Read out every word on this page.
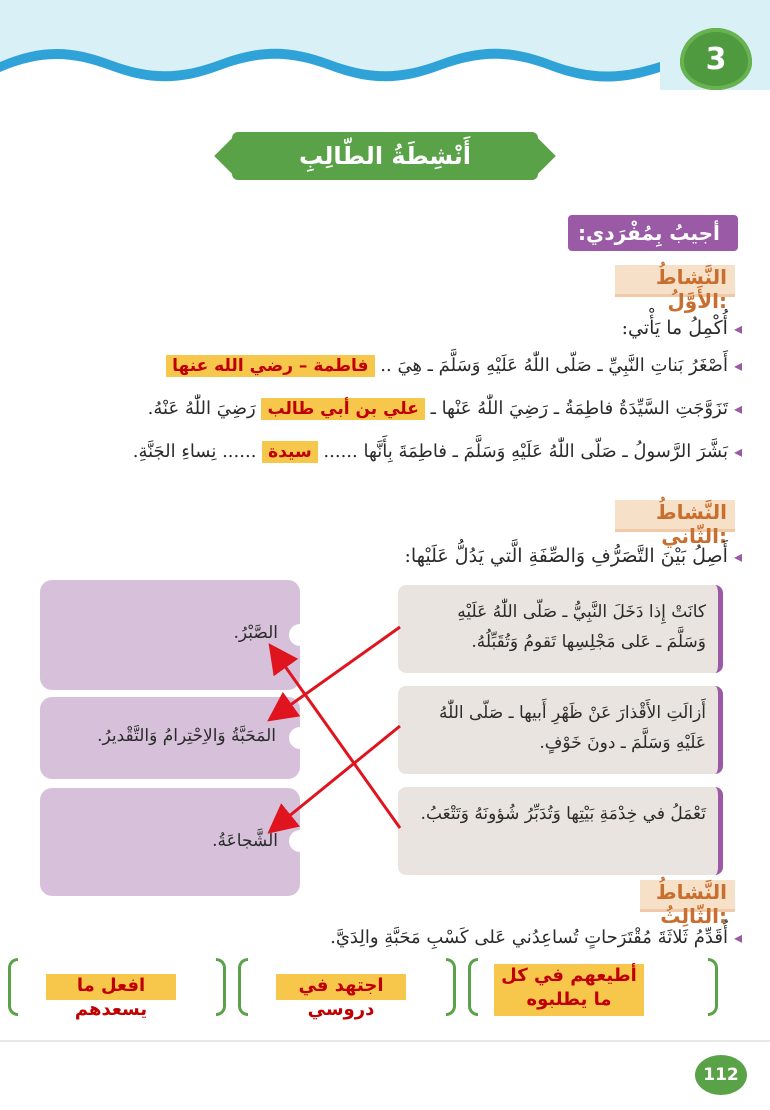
3
أَنْشِطَةُ الطّالِبِ
أجيبُ بِمُفْرَدي:
النَّشاطُ الأَوَّلُ:
◂أُكْمِلُ ما يَأْتي:
◂أَصْغَرُ بَناتِ النَّبِيِّ ـ صَلّى اللّٰهُ عَلَيْهِ وَسَلَّمَ ـ هِيَ .. فاطمة – رضي الله عنها
◂تَزَوَّجَتِ السَّيِّدَةُ فاطِمَةُ ـ رَضِيَ اللّٰهُ عَنْها ـ علي بن أبي طالب رَضِيَ اللّٰهُ عَنْهُ.
◂بَشَّرَ الرَّسولُ ـ صَلّى اللّٰهُ عَلَيْهِ وَسَلَّمَ ـ فاطِمَةَ بِأَنَّها ...... سيدة ...... نِساءِ الجَنَّةِ.
النَّشاطُ الثّاني:
◂أَصِلُ بَيْنَ التَّصَرُّفِ وَالصِّفَةِ الَّتي يَدُلُّ عَلَيْها:
الصَّبْرُ.
المَحَبَّةُ وَالاِحْتِرامُ وَالتَّقْديرُ.
الشَّجاعَةُ.
كانَتْ إِذا دَخَلَ النَّبِيُّ ـ صَلّى اللّٰهُ عَلَيْهِ وَسَلَّمَ ـ عَلى مَجْلِسِها تَقومُ وَتُقَبِّلُهُ.
أَزالَتِ الأَقْذارَ عَنْ ظَهْرِ أَبيها ـ صَلّى اللّٰهُ عَلَيْهِ وَسَلَّمَ ـ دونَ خَوْفٍ.
تَعْمَلُ في خِدْمَةِ بَيْتِها وَتُدَبِّرُ شُؤونَهُ وَتَتْعَبُ.
النَّشاطُ الثّالِثُ:
◂أُقَدِّمُ ثَلاثَةَ مُقْتَرَحاتٍ تُساعِدُني عَلى كَسْبِ مَحَبَّةِ والِدَيَّ.
أطيعهم في كل ما يطلبوه
اجتهد في دروسي
افعل ما يسعدهم
112
